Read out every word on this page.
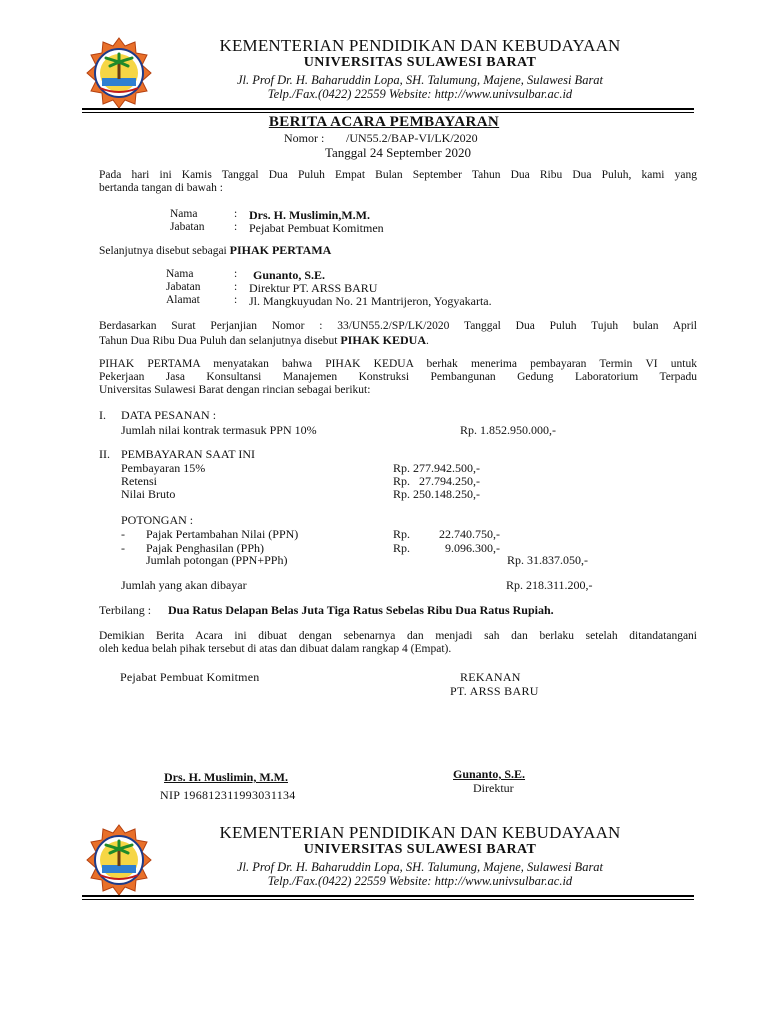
KEMENTERIAN PENDIDIKAN DAN KEBUDAYAAN
UNIVERSITAS SULAWESI BARAT
Jl. Prof Dr. H. Baharuddin Lopa, SH. Talumung, Majene, Sulawesi Barat
Telp./Fax.(0422) 22559 Website: http://www.univsulbar.ac.id
BERITA ACARA PEMBAYARAN
Nomor : /UN55.2/BAP-VI/LK/2020
Tanggal 24 September 2020
Pada hari ini Kamis Tanggal Dua Puluh Empat Bulan September Tahun Dua Ribu Dua Puluh, kami yang
bertanda tangan di bawah :
Nama	: Drs. H. Muslimin,M.M.
Jabatan	: Pejabat Pembuat Komitmen
Selanjutnya disebut sebagai PIHAK PERTAMA
Nama	: Gunanto, S.E.
Jabatan	: Direktur PT. ARSS BARU
Alamat	: Jl. Mangkuyudan No. 21 Mantrijeron, Yogyakarta.
Berdasarkan Surat Perjanjian Nomor : 33/UN55.2/SP/LK/2020 Tanggal Dua Puluh Tujuh bulan April
Tahun Dua Ribu Dua Puluh dan selanjutnya disebut PIHAK KEDUA.
PIHAK PERTAMA menyatakan bahwa PIHAK KEDUA berhak menerima pembayaran Termin VI untuk
Pekerjaan Jasa Konsultansi Manajemen Konstruksi Pembangunan Gedung Laboratorium Terpadu
Universitas Sulawesi Barat dengan rincian sebagai berikut:
I. DATA PESANAN :
Jumlah nilai kontrak termasuk PPN 10%	Rp. 1.852.950.000,-
II. PEMBAYARAN SAAT INI
Pembayaran 15%	Rp. 277.942.500,-
Retensi	Rp.   27.794.250,-
Nilai Bruto	Rp. 250.148.250,-
POTONGAN :
- Pajak Pertambahan Nilai (PPN)	Rp.	22.740.750,-
- Pajak Penghasilan (PPh)	Rp.	9.096.300,-
Jumlah potongan (PPN+PPh)	Rp. 31.837.050,-
Jumlah yang akan dibayar	Rp. 218.311.200,-
Terbilang : Dua Ratus Delapan Belas Juta Tiga Ratus Sebelas Ribu Dua Ratus Rupiah.
Demikian Berita Acara ini dibuat dengan sebenarnya dan menjadi sah dan berlaku setelah ditandatangani
oleh kedua belah pihak tersebut di atas dan dibuat dalam rangkap 4 (Empat).
Pejabat Pembuat Komitmen	REKANAN
PT. ARSS BARU
Drs. H. Muslimin, M.M.
NIP 196812311993031134
Gunanto, S.E.
Direktur
KEMENTERIAN PENDIDIKAN DAN KEBUDAYAAN
UNIVERSITAS SULAWESI BARAT
Jl. Prof Dr. H. Baharuddin Lopa, SH. Talumung, Majene, Sulawesi Barat
Telp./Fax.(0422) 22559 Website: http://www.univsulbar.ac.id
